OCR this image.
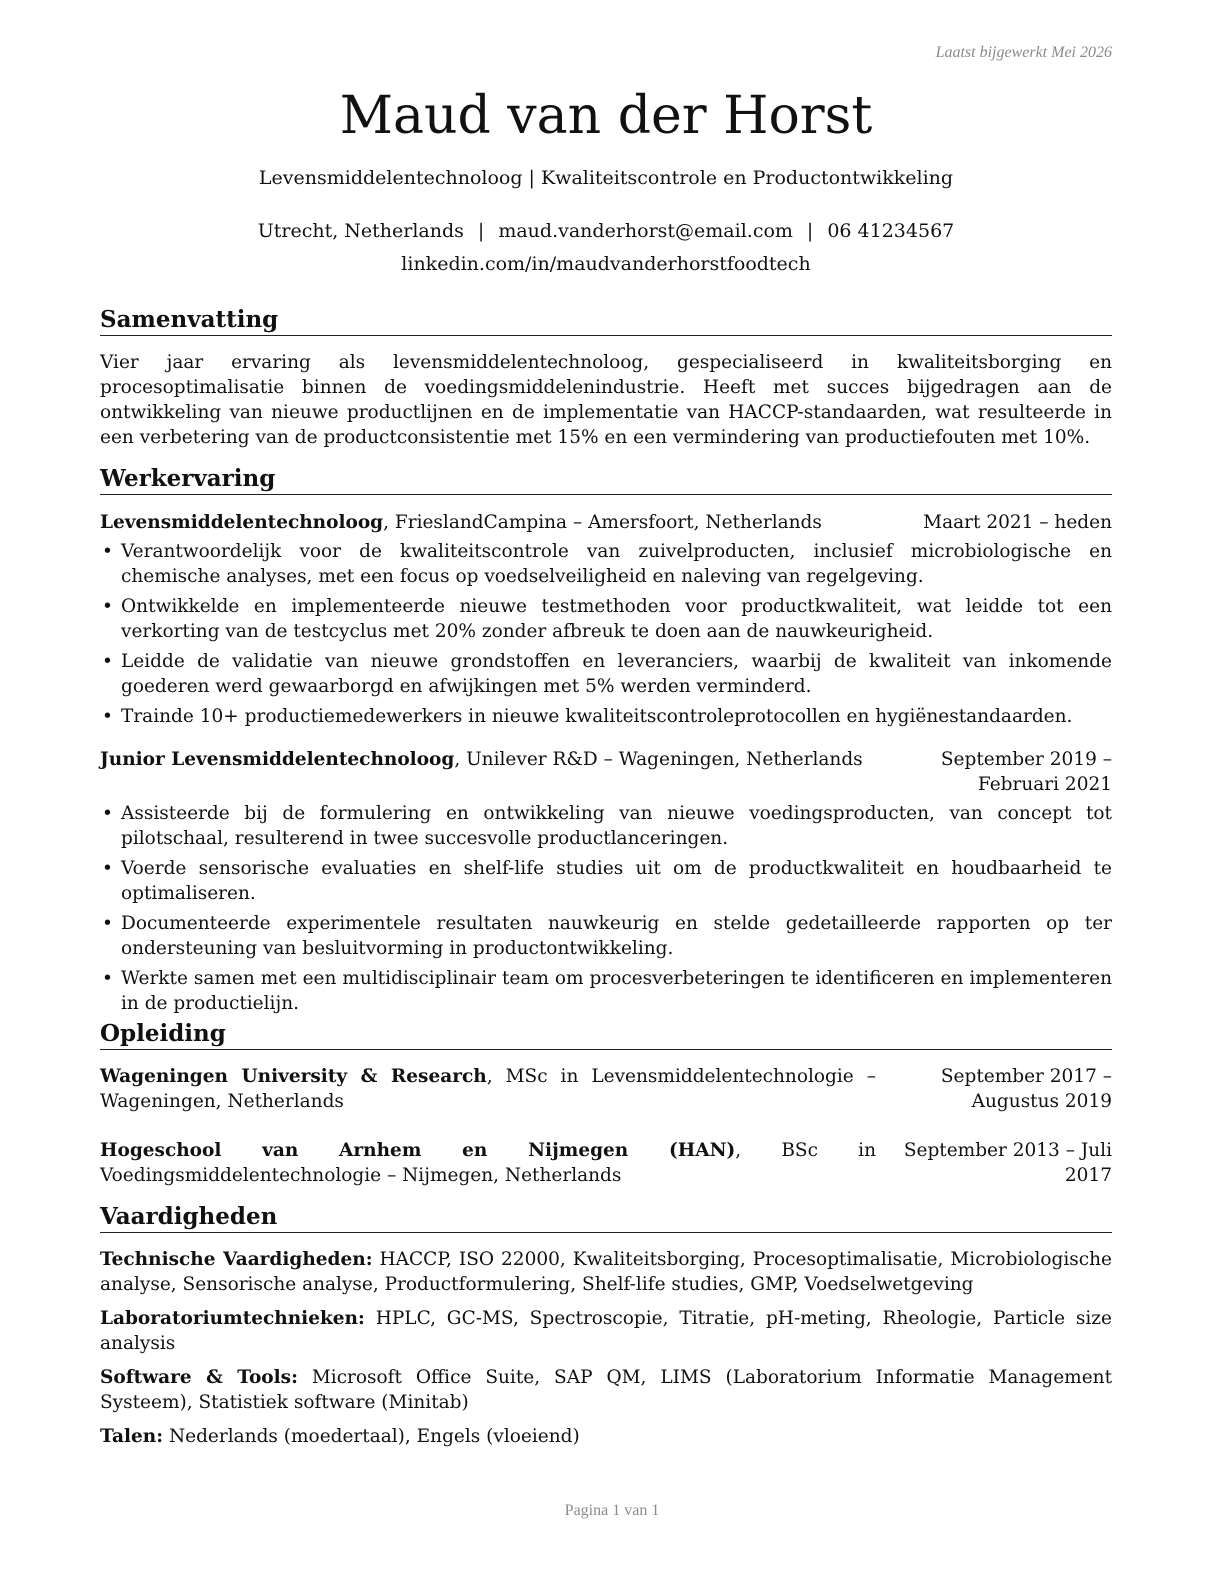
Laatst bijgewerkt Mei 2026
Maud van der Horst
Levensmiddelentechnoloog | Kwaliteitscontrole en Productontwikkeling
Utrecht, Netherlands | maud.vanderhorst@email.com | 06 41234567
linkedin.com/in/maudvanderhorstfoodtech
Samenvatting

Vier jaar ervaring als levensmiddelentechnoloog, gespecialiseerd in kwaliteitsborging en procesoptimalisatie binnen de voedingsmiddelenindustrie. Heeft met succes bijgedragen aan de ontwikkeling van nieuwe productlijnen en de implementatie van HACCP-standaarden, wat resulteerde in een verbetering van de productconsistentie met 15% en een vermindering van productiefouten met 10%.

Werkervaring
Levensmiddelentechnoloog, FrieslandCampina – Amersfoort, Netherlands	Maart 2021 – heden
• Verantwoordelijk voor de kwaliteitscontrole van zuivelproducten, inclusief microbiologische en chemische analyses, met een focus op voedselveiligheid en naleving van regelgeving.
• Ontwikkelde en implementeerde nieuwe testmethoden voor productkwaliteit, wat leidde tot een verkorting van de testcyclus met 20% zonder afbreuk te doen aan de nauwkeurigheid.
• Leidde de validatie van nieuwe grondstoffen en leveranciers, waarbij de kwaliteit van inkomende goederen werd gewaarborgd en afwijkingen met 5% werden verminderd.
• Trainde 10+ productiemedewerkers in nieuwe kwaliteitscontroleprotocollen en hygiënestandaarden.
Junior Levensmiddelentechnoloog, Unilever R&D – Wageningen, Netherlands	September 2019 – Februari 2021
• Assisteerde bij de formulering en ontwikkeling van nieuwe voedingsproducten, van concept tot pilotschaal, resulterend in twee succesvolle productlanceringen.
• Voerde sensorische evaluaties en shelf-life studies uit om de productkwaliteit en houdbaarheid te optimaliseren.
• Documenteerde experimentele resultaten nauwkeurig en stelde gedetailleerde rapporten op ter ondersteuning van besluitvorming in productontwikkeling.
• Werkte samen met een multidisciplinair team om procesverbeteringen te identificeren en implementeren in de productielijn.
Opleiding
Wageningen University & Research, MSc in Levensmiddelentechnologie – Wageningen, Netherlands
September 2017 – Augustus 2019
Hogeschool van Arnhem en Nijmegen (HAN), BSc in Voedingsmiddelentechnologie – Nijmegen, Netherlands
September 2013 – Juli 2017
Vaardigheden

Technische Vaardigheden: HACCP, ISO 22000, Kwaliteitsborging, Procesoptimalisatie, Microbiologische analyse, Sensorische analyse, Productformulering, Shelf-life studies, GMP, Voedselwetgeving

Laboratoriumtechnieken: HPLC, GC-MS, Spectroscopie, Titratie, pH-meting, Rheologie, Particle size analysis

Software & Tools: Microsoft Office Suite, SAP QM, LIMS (Laboratorium Informatie Management Systeem), Statistiek software (Minitab)

Talen: Nederlands (moedertaal), Engels (vloeiend)

Pagina 1 van 1
